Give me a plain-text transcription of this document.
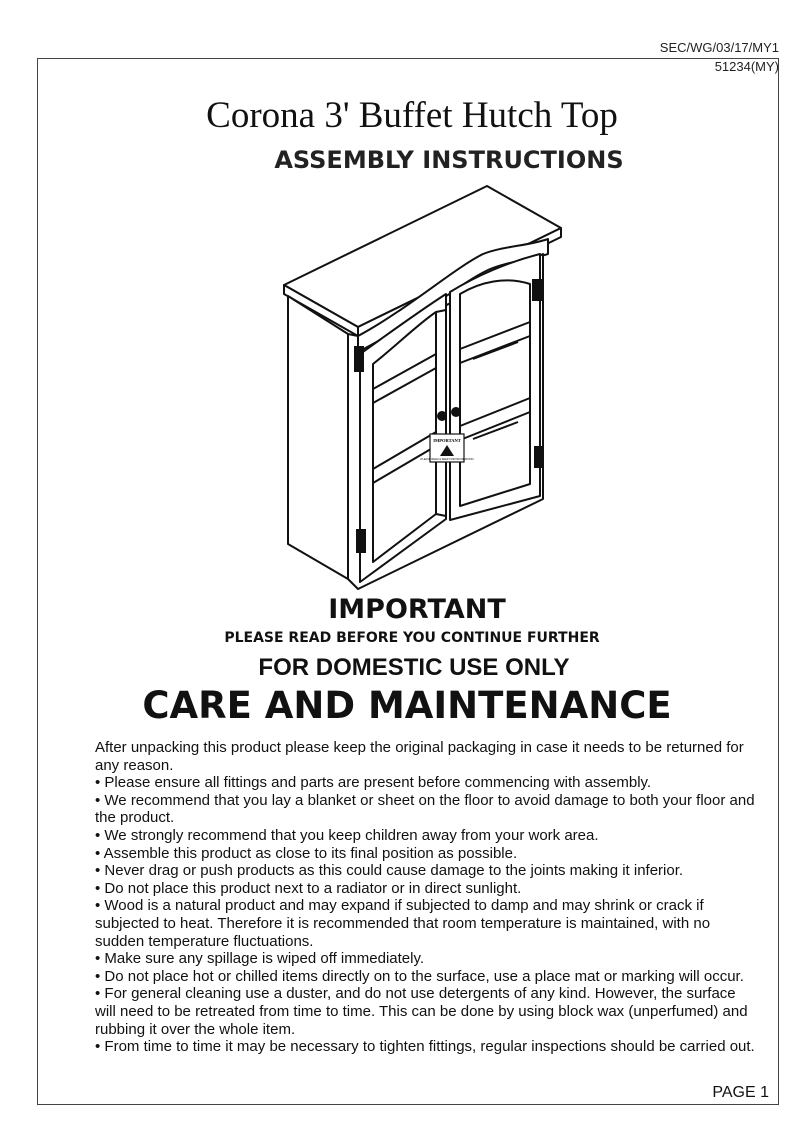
SEC/WG/03/17/MY1
51234(MY)
Corona 3' Buffet Hutch Top
ASSEMBLY INSTRUCTIONS
IMPORTANT
PLEASE READ & KEEP FOR INFORMATION
IMPORTANT
PLEASE READ BEFORE YOU CONTINUE FURTHER
FOR DOMESTIC USE ONLY
CARE AND MAINTENANCE

After unpacking this product please keep the original packaging in case it needs to be returned for any reason.

• Please ensure all fittings and parts are present before commencing with assembly.

• We recommend that you lay a blanket or sheet on the floor to avoid damage to both your floor and the product.

• We strongly recommend that you keep children away from your work area.

• Assemble this product as close to its final position as possible.

• Never drag or push products as this could cause damage to the joints making it inferior.

• Do not place this product next to a radiator or in direct sunlight.

• Wood is a natural product and may expand if subjected to damp and may shrink or crack if subjected to heat. Therefore it is recommended that room temperature is maintained, with no sudden temperature fluctuations.

• Make sure any spillage is wiped off immediately.

• Do not place hot or chilled items directly on to the surface, use a place mat or marking will occur.

• For general cleaning use a duster, and do not use detergents of any kind. However, the surface will need to be retreated from time to time. This can be done by using block wax (unperfumed) and rubbing it over the whole item.

• From time to time it may be necessary to tighten fittings, regular inspections should be carried out.

PAGE 1
